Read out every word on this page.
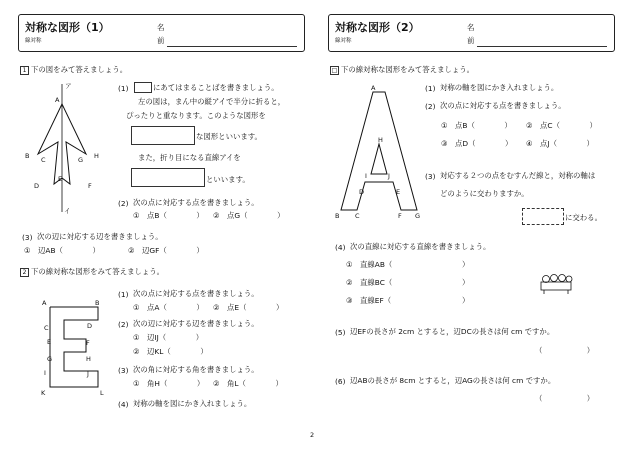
対称な図形（1）
線対称
名
前
対称な図形（2）
線対称
名
前
1 下の図をみて答えましょう。
ア
A
B C
D
E
F
G H
イ
(1)	にあてはまることばを書きましょう。
左の図は，まん中の縦アイで半分に折ると，
ぴったりと重なります。このような図形を
な図形といいます。
また，折り目になる直線アイを
といいます。
(2) 次の点に対応する点を書きましょう。
①　点B（　　　　） ②　点G（　　　　）
(3) 次の辺に対応する辺を書きましょう。
①　辺AB（　　　　）	②　辺GF（　　　　）
2 下の線対称な図形をみて答えましょう。
A	B
C	D
E	F
G	H
I	J
K	L
(1) 次の点に対応する点を書きましょう。
①　点A（　　　　） ②　点E（　　　　）
(2) 次の辺に対応する辺を書きましょう。
①　辺IJ（　　　　）
②　辺KL（　　　　）
(3) 次の角に対応する角を書きましょう。
①　角H（　　　　） ②　角L（　　　　）
(4) 対称の軸を図にかき入れましょう。
□ 下の線対称な図形をみて答えましょう。
A
H
I	J
D	E
B C	F G
(1) 対称の軸を図にかき入れましょう。
(2) 次の点に対応する点を書きましょう。
①　点B（　　　　） ②　点C（　　　　）
③　点D（　　　　） ④　点J（　　　　）
(3) 対応する２つの点をむすんだ線と，対称の軸は
どのように交わりますか。
に交わる。
(4) 次の直線に対応する直線を書きましょう。
①　直線AB（	）
②　直線BC（	）
③　直線EF（	）
(5) 辺EFの長さが 2cm とすると，辺DCの長さは何 cm ですか。
（　　　　　　）
(6) 辺ABの長さが 8cm とすると，辺AGの長さは何 cm ですか。
（　　　　　　）
2
